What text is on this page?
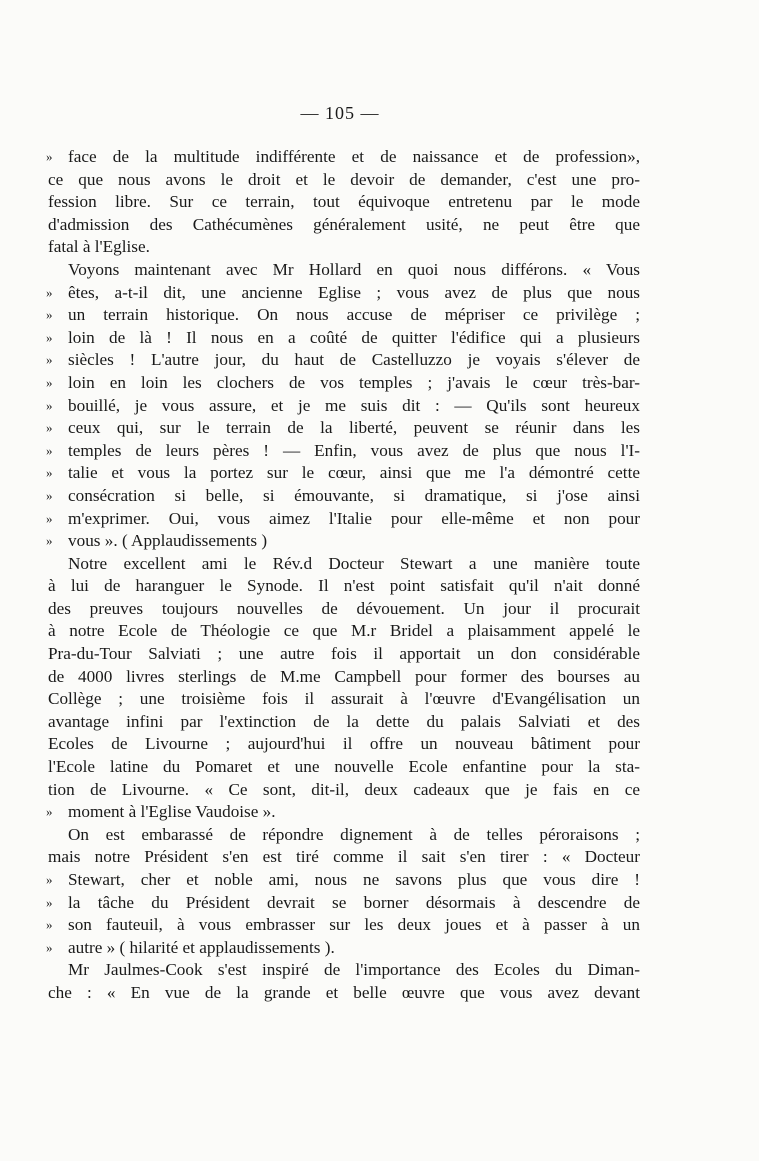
— 105 —
» face de la multitude indifférente et de naissance et de profession»,
ce que nous avons le droit et le devoir de demander, c'est une pro-
fession libre. Sur ce terrain, tout équivoque entretenu par le mode
d'admission des Cathécumènes généralement usité, ne peut être que
fatal à l'Eglise.
Voyons maintenant avec Mr Hollard en quoi nous différons. « Vous
» êtes, a-t-il dit, une ancienne Eglise ; vous avez de plus que nous
» un terrain historique. On nous accuse de mépriser ce privilège ;
» loin de là ! Il nous en a coûté de quitter l'édifice qui a plusieurs
» siècles ! L'autre jour, du haut de Castelluzzo je voyais s'élever de
» loin en loin les clochers de vos temples ; j'avais le cœur très-bar-
» bouillé, je vous assure, et je me suis dit : — Qu'ils sont heureux
» ceux qui, sur le terrain de la liberté, peuvent se réunir dans les
» temples de leurs pères ! — Enfin, vous avez de plus que nous l'I-
» talie et vous la portez sur le cœur, ainsi que me l'a démontré cette
» consécration si belle, si émouvante, si dramatique, si j'ose ainsi
» m'exprimer. Oui, vous aimez l'Italie pour elle-même et non pour
» vous ». ( Applaudissements )
Notre excellent ami le Rév.d Docteur Stewart a une manière toute
à lui de haranguer le Synode. Il n'est point satisfait qu'il n'ait donné
des preuves toujours nouvelles de dévouement. Un jour il procurait
à notre Ecole de Théologie ce que M.r Bridel a plaisamment appelé le
Pra-du-Tour Salviati ; une autre fois il apportait un don considérable
de 4000 livres sterlings de M.me Campbell pour former des bourses au
Collège ; une troisième fois il assurait à l'œuvre d'Evangélisation un
avantage infini par l'extinction de la dette du palais Salviati et des
Ecoles de Livourne ; aujourd'hui il offre un nouveau bâtiment pour
l'Ecole latine du Pomaret et une nouvelle Ecole enfantine pour la sta-
tion de Livourne. « Ce sont, dit-il, deux cadeaux que je fais en ce
» moment à l'Eglise Vaudoise ».
On est embarassé de répondre dignement à de telles péroraisons ;
mais notre Président s'en est tiré comme il sait s'en tirer : « Docteur
» Stewart, cher et noble ami, nous ne savons plus que vous dire !
» la tâche du Président devrait se borner désormais à descendre de
» son fauteuil, à vous embrasser sur les deux joues et à passer à un
» autre » ( hilarité et applaudissements ).
Mr Jaulmes-Cook s'est inspiré de l'importance des Ecoles du Diman-
che : « En vue de la grande et belle œuvre que vous avez devant
